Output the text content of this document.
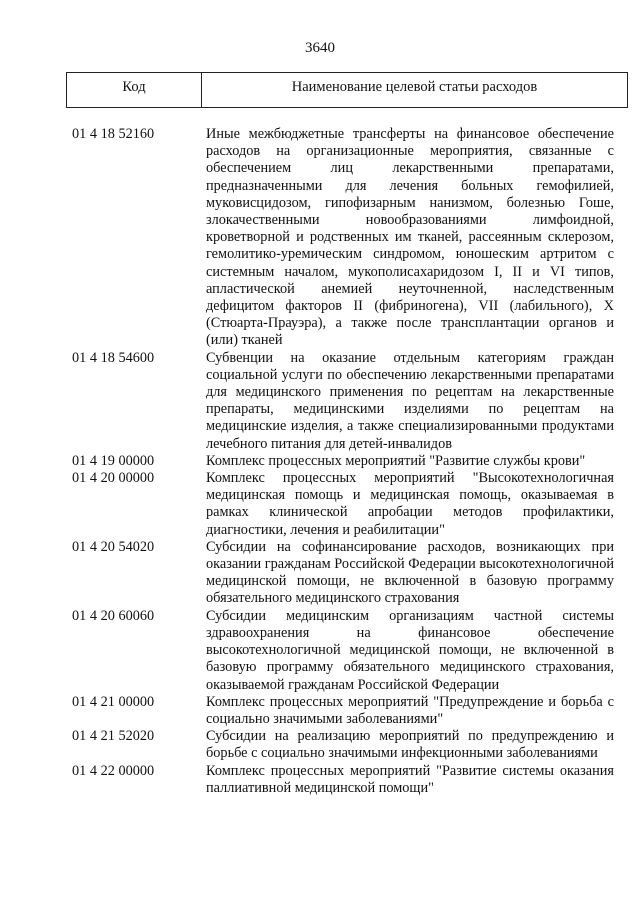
3640
Код	Наименование целевой статьи расходов
01 4 18 52160	Иные межбюджетные трансферты на финансовое обеспечение расходов на организационные мероприятия, связанные с обеспечением лиц лекарственными препаратами, предназначенными для лечения больных гемофилией, муковисцидозом, гипофизарным нанизмом, болезнью Гоше, злокачественными новообразованиями лимфоидной, кроветворной и родственных им тканей, рассеянным склерозом, гемолитико-уремическим синдромом, юношеским артритом с системным началом, мукополисахаридозом I, II и VI типов, апластической анемией неуточненной, наследственным дефицитом факторов II (фибриногена), VII (лабильного), X (Стюарта-Прауэра), а также после трансплантации органов и (или) тканей
01 4 18 54600	Субвенции на оказание отдельным категориям граждан социальной услуги по обеспечению лекарственными препаратами для медицинского применения по рецептам на лекарственные препараты, медицинскими изделиями по рецептам на медицинские изделия, а также специализированными продуктами лечебного питания для детей-инвалидов
01 4 19 00000	Комплекс процессных мероприятий "Развитие службы крови"
01 4 20 00000	Комплекс процессных мероприятий "Высокотехнологичная медицинская помощь и медицинская помощь, оказываемая в рамках клинической апробации методов профилактики, диагностики, лечения и реабилитации"
01 4 20 54020	Субсидии на софинансирование расходов, возникающих при оказании гражданам Российской Федерации высокотехнологичной медицинской помощи, не включенной в базовую программу обязательного медицинского страхования
01 4 20 60060	Субсидии медицинским организациям частной системы здравоохранения на финансовое обеспечение высокотехнологичной медицинской помощи, не включенной в базовую программу обязательного медицинского страхования, оказываемой гражданам Российской Федерации
01 4 21 00000	Комплекс процессных мероприятий "Предупреждение и борьба с социально значимыми заболеваниями"
01 4 21 52020	Субсидии на реализацию мероприятий по предупреждению и борьбе с социально значимыми инфекционными заболеваниями
01 4 22 00000	Комплекс процессных мероприятий "Развитие системы оказания паллиативной медицинской помощи"
